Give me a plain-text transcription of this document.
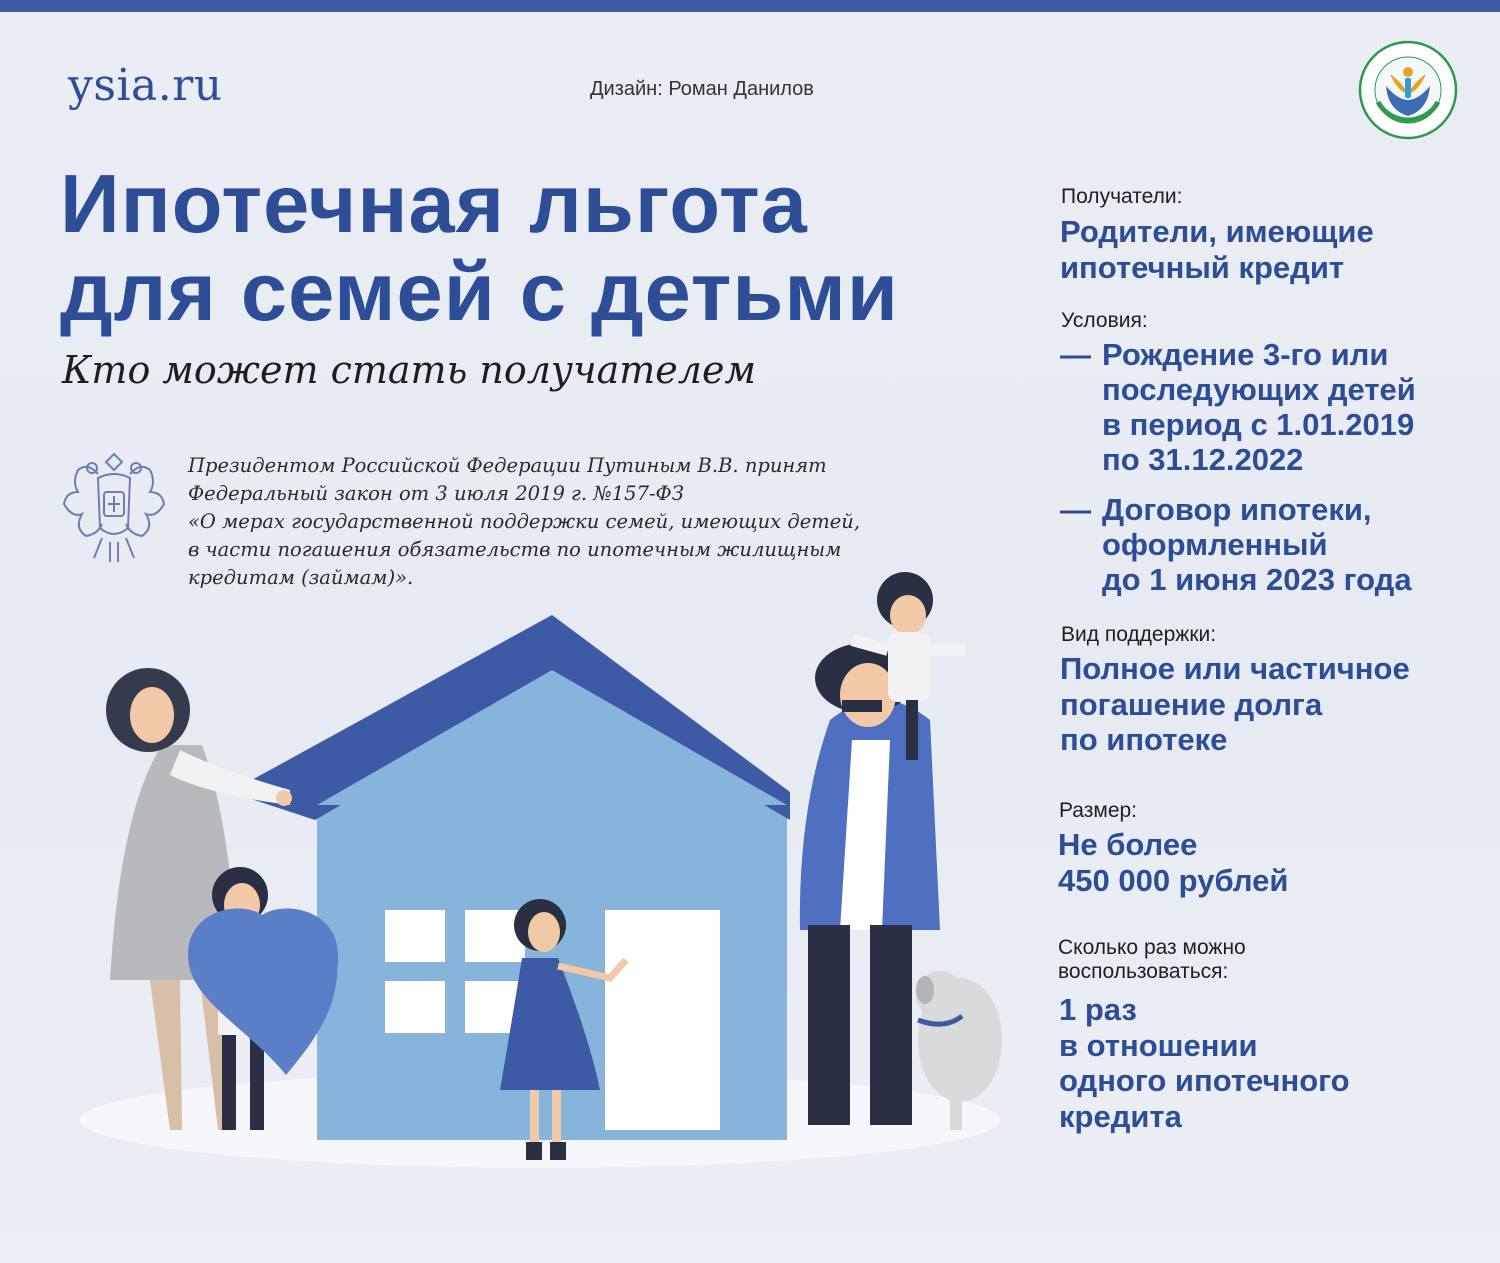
ysia.ru	Дизайн: Роман Данилов
Ипотечная льгота
для семей с детьми
Кто может стать получателем
Президентом Российской Федерации Путиным В.В. принят
Федеральный закон от 3 июля 2019 г. №157-ФЗ
«О мерах государственной поддержки семей, имеющих детей,
в части погашения обязательств по ипотечным жилищным
кредитам (займам)».
Получатели:
Родители, имеющие
ипотечный кредит
Условия:
— Рождение 3-го или
последующих детей
в период с 1.01.2019
по 31.12.2022
— Договор ипотеки,
оформленный
до 1 июня 2023 года
Вид поддержки:
Полное или частичное
погашение долга
по ипотеке
Размер:
Не более
450 000 рублей
Сколько раз можно
воспользоваться:
1 раз
в отношении
одного ипотечного
кредита
